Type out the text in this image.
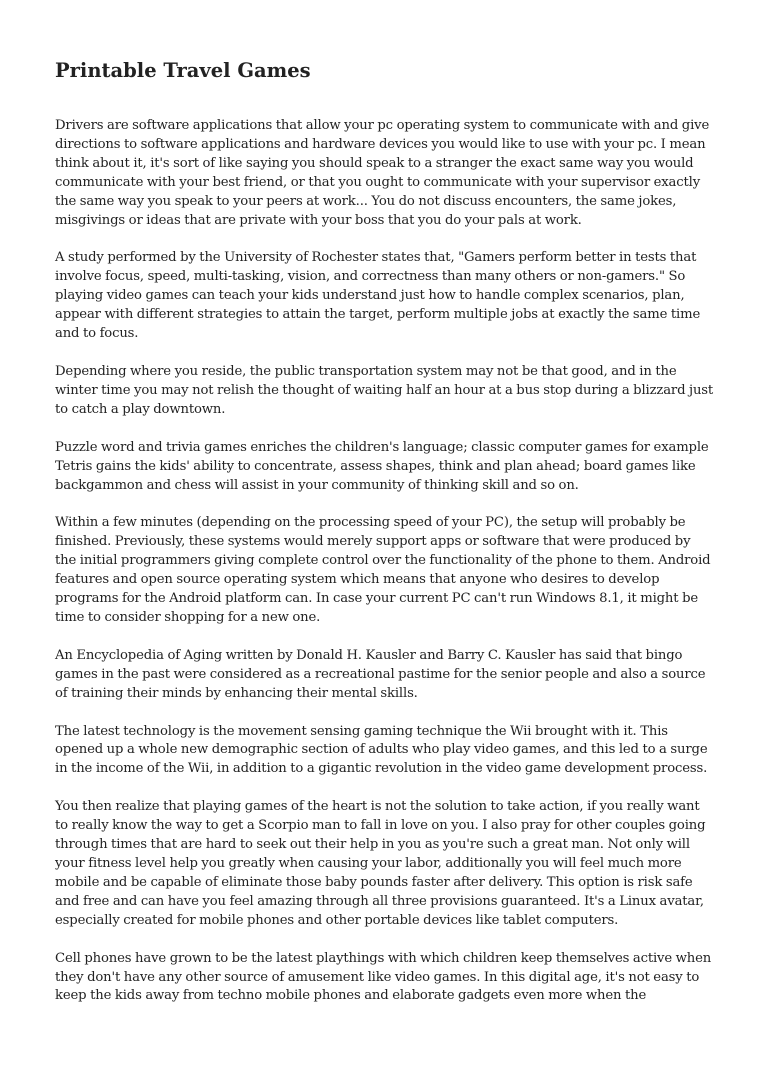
Printable Travel Games

Drivers are software applications that allow your pc operating system to communicate with and give directions to software applications and hardware devices you would like to use with your pc. I mean think about it, it's sort of like saying you should speak to a stranger the exact same way you would communicate with your best friend, or that you ought to communicate with your supervisor exactly the same way you speak to your peers at work... You do not discuss encounters, the same jokes, misgivings or ideas that are private with your boss that you do your pals at work.

A study performed by the University of Rochester states that, "Gamers perform better in tests that involve focus, speed, multi-tasking, vision, and correctness than many others or non-gamers." So playing video games can teach your kids understand just how to handle complex scenarios, plan, appear with different strategies to attain the target, perform multiple jobs at exactly the same time and to focus.

Depending where you reside, the public transportation system may not be that good, and in the winter time you may not relish the thought of waiting half an hour at a bus stop during a blizzard just to catch a play downtown.

Puzzle word and trivia games enriches the children's language; classic computer games for example Tetris gains the kids' ability to concentrate, assess shapes, think and plan ahead; board games like backgammon and chess will assist in your community of thinking skill and so on.

Within a few minutes (depending on the processing speed of your PC), the setup will probably be finished. Previously, these systems would merely support apps or software that were produced by the initial programmers giving complete control over the functionality of the phone to them. Android features and open source operating system which means that anyone who desires to develop programs for the Android platform can. In case your current PC can't run Windows 8.1, it might be time to consider shopping for a new one.

An Encyclopedia of Aging written by Donald H. Kausler and Barry C. Kausler has said that bingo games in the past were considered as a recreational pastime for the senior people and also a source of training their minds by enhancing their mental skills.

The latest technology is the movement sensing gaming technique the Wii brought with it. This opened up a whole new demographic section of adults who play video games, and this led to a surge in the income of the Wii, in addition to a gigantic revolution in the video game development process.

You then realize that playing games of the heart is not the solution to take action, if you really want to really know the way to get a Scorpio man to fall in love on you. I also pray for other couples going through times that are hard to seek out their help in you as you're such a great man. Not only will your fitness level help you greatly when causing your labor, additionally you will feel much more mobile and be capable of eliminate those baby pounds faster after delivery. This option is risk safe and free and can have you feel amazing through all three provisions guaranteed. It's a Linux avatar, especially created for mobile phones and other portable devices like tablet computers.

Cell phones have grown to be the latest playthings with which children keep themselves active when they don't have any other source of amusement like video games. In this digital age, it's not easy to keep the kids away from techno mobile phones and elaborate gadgets even more when the
